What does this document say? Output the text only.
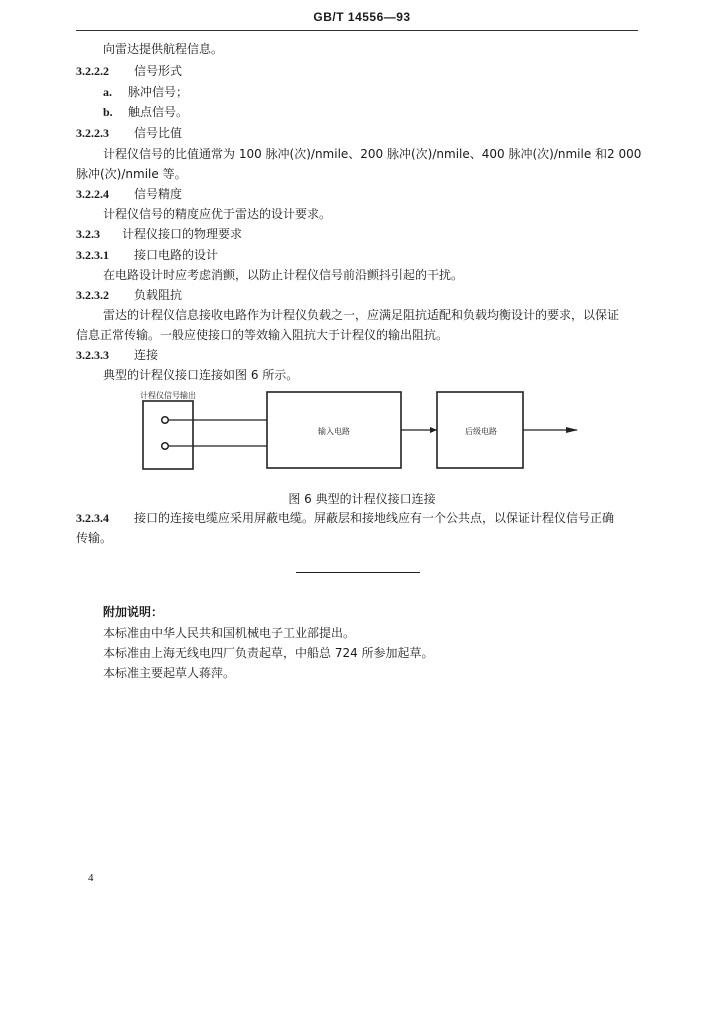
GB/T 14556—93
向雷达提供航程信息。
3.2.2.2 信号形式
a. 脉冲信号；
b. 触点信号。
3.2.2.3 信号比值
计程仪信号的比值通常为 100 脉冲(次)/nmile、200 脉冲(次)/nmile、400 脉冲(次)/nmile 和2 000
脉冲(次)/nmile 等。
3.2.2.4 信号精度
计程仪信号的精度应优于雷达的设计要求。
3.2.3 计程仪接口的物理要求
3.2.3.1 接口电路的设计
在电路设计时应考虑消颤，以防止计程仪信号前沿颤抖引起的干扰。
3.2.3.2 负载阻抗
雷达的计程仪信息接收电路作为计程仪负载之一，应满足阻抗适配和负载均衡设计的要求，以保证
信息正常传输。一般应使接口的等效输入阻抗大于计程仪的输出阻抗。
3.2.3.3 连接
典型的计程仪接口连接如图 6 所示。
计程仪信号输出
输入电路	后级电路
图 6 典型的计程仪接口连接
3.2.3.4 接口的连接电缆应采用屏蔽电缆。屏蔽层和接地线应有一个公共点，以保证计程仪信号正确
传输。
附加说明：
本标准由中华人民共和国机械电子工业部提出。
本标准由上海无线电四厂负责起草，中船总 724 所参加起草。
本标准主要起草人蒋萍。
4
